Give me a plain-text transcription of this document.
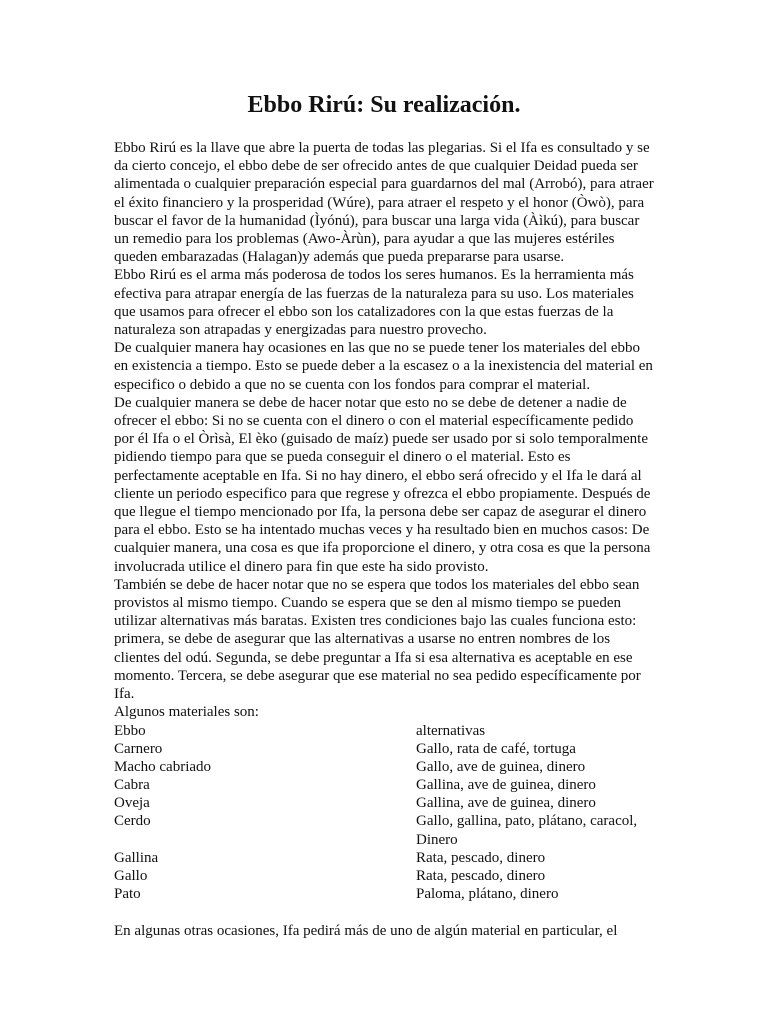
Ebbo Rirú: Su realización.

Ebbo Rirú es la llave que abre la puerta de todas las plegarias. Si el Ifa es consultado y se da cierto concejo, el ebbo debe de ser ofrecido antes de que cualquier Deidad pueda ser alimentada o cualquier preparación especial para guardarnos del mal (Arrobó), para atraer el éxito financiero y la prosperidad (Wúre), para atraer el respeto y el honor (Òwò), para buscar el favor de la humanidad (Ìyónú), para buscar una larga vida (Àìkú), para buscar un remedio para los problemas (Awo-Àrùn), para ayudar a que las mujeres estériles queden embarazadas (Halagan)y además que pueda prepararse para usarse.

Ebbo Rirú es el arma más poderosa de todos los seres humanos. Es la herramienta más efectiva para atrapar energía de las fuerzas de la naturaleza para su uso. Los materiales que usamos para ofrecer el ebbo son los catalizadores con la que estas fuerzas de la naturaleza son atrapadas y energizadas para nuestro provecho.

De cualquier manera hay ocasiones en las que no se puede tener los materiales del ebbo en existencia a tiempo. Esto se puede deber a la escasez o a la inexistencia del material en especifico o debido a que no se cuenta con los fondos para comprar el material.

De cualquier manera se debe de hacer notar que esto no se debe de detener a nadie de ofrecer el ebbo: Si no se cuenta con el dinero o con el material específicamente pedido por él Ifa o el Òrìsà, El èko (guisado de maíz) puede ser usado por si solo temporalmente pidiendo tiempo para que se pueda conseguir el dinero o el material. Esto es perfectamente aceptable en Ifa. Si no hay dinero, el ebbo será ofrecido y el Ifa le dará al cliente un periodo especifico para que regrese y ofrezca el ebbo propiamente. Después de que llegue el tiempo mencionado por Ifa, la persona debe ser capaz de asegurar el dinero para el ebbo. Esto se ha intentado muchas veces y ha resultado bien en muchos casos: De cualquier manera, una cosa es que ifa proporcione el dinero, y otra cosa es que la persona involucrada utilice el dinero para fin que este ha sido provisto.

También se debe de hacer notar que no se espera que todos los materiales del ebbo sean provistos al mismo tiempo. Cuando se espera que se den al mismo tiempo se pueden utilizar alternativas más baratas. Existen tres condiciones bajo las cuales funciona esto: primera, se debe de asegurar que las alternativas a usarse no entren nombres de los clientes del odú. Segunda, se debe preguntar a Ifa si esa alternativa es aceptable en ese momento. Tercera, se debe asegurar que ese material no sea pedido específicamente por Ifa.

Algunos materiales son:

Ebbo	alternativas
Carnero	Gallo, rata de café, tortuga
Macho cabriado	Gallo, ave de guinea, dinero
Cabra	Gallina, ave de guinea, dinero
Oveja	Gallina, ave de guinea, dinero
Cerdo	Gallo, gallina, pato, plátano, caracol, Dinero
Gallina	Rata, pescado, dinero
Gallo	Rata, pescado, dinero
Pato	Paloma, plátano, dinero

En algunas otras ocasiones, Ifa pedirá más de uno de algún material en particular, el
